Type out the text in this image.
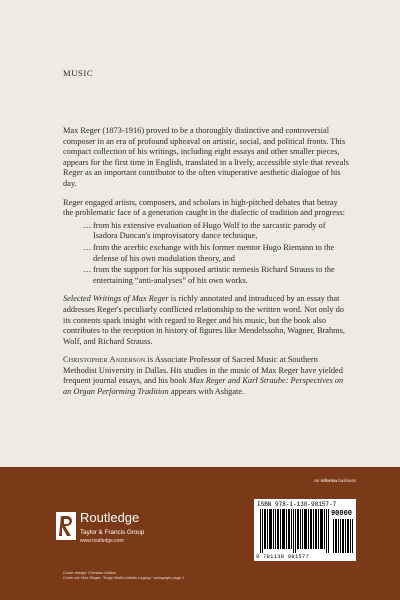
MUSIC

Max Reger (1873-1916) proved to be a thoroughly distinctive and controversial composer in an era of profound upheaval on artistic, social, and political fronts. This compact collection of his writings, including eight essays and other smaller pieces, appears for the first time in English, translated in a lively, accessible style that reveals Reger as an important contributor to the often vituperative aesthetic dialogue of his day.

Reger engaged artists, composers, and scholars in high-pitched debates that betray the problematic face of a generation caught in the dialectic of tradition and progress:

… from his extensive evaluation of Hugo Wolf to the sarcastic parody of Isadora Duncan's improvisatory dance technique,
… from the acerbic exchange with his former mentor Hugo Riemann to the defense of his own modulation theory, and
… from the support for his supposed artistic nemesis Richard Strauss to the entertaining “anti-analyses” of his own works.

Selected Writings of Max Reger is richly annotated and introduced by an essay that addresses Reger's peculiarly conflicted relationship to the written word. Not only do its contents spark insight with regard to Reger and his music, but the book also contributes to the reception in history of figures like Mendelssohn, Wagner, Brahms, Wolf, and Richard Strauss.

Christopher Anderson is Associate Professor of Sacred Music at Southern Methodist University in Dallas. His studies in the music of Max Reger have yielded frequent journal essays, and his book Max Reger and Karl Straube: Perspectives on an Organ Performing Tradition appears with Ashgate.

an informa business
ISBN 978-1-138-98157-7
90000
9 781138 981577
Routledge
Taylor & Francis Group
www.routledge.com
Cover design: Christian Muñoz
Cover art: Max Reger: “Hugo Wolf's Artistic Legacy,” autograph page 1
